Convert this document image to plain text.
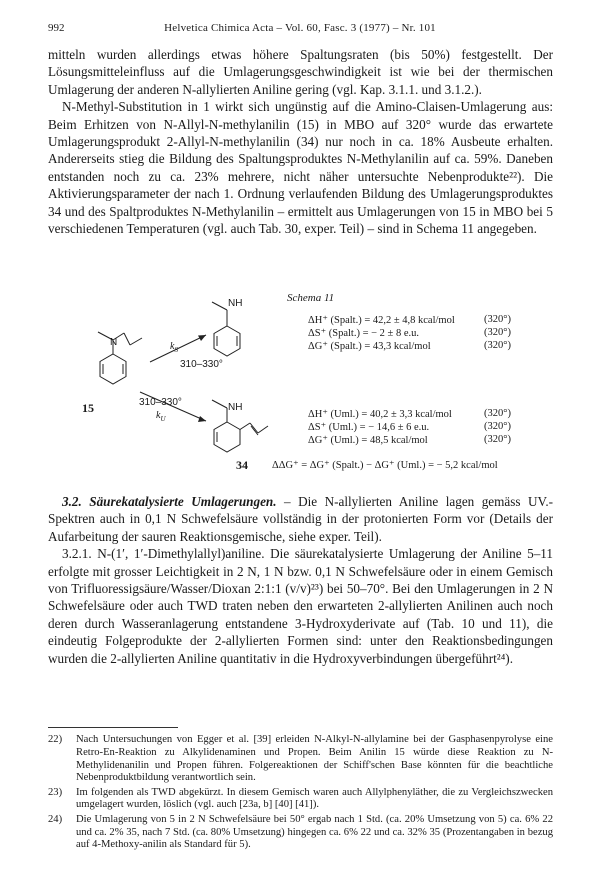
992	Helvetica Chimica Acta – Vol. 60, Fasc. 3 (1977) – Nr. 101

mitteln wurden allerdings etwas höhere Spaltungsraten (bis 50%) festgestellt. Der Lösungsmitteleinfluss auf die Umlagerungsgeschwindigkeit ist wie bei der thermischen Umlagerung der anderen N-allylierten Aniline gering (vgl. Kap. 3.1.1. und 3.1.2.).

N-Methyl-Substitution in 1 wirkt sich ungünstig auf die Amino-Claisen-Umlagerung aus: Beim Erhitzen von N-Allyl-N-methylanilin (15) in MBO auf 320° wurde das erwartete Umlagerungsprodukt 2-Allyl-N-methylanilin (34) nur noch in ca. 18% Ausbeute erhalten. Andererseits stieg die Bildung des Spaltungsproduktes N-Methylanilin auf ca. 59%. Daneben entstanden noch zu ca. 23% mehrere, nicht näher untersuchte Nebenprodukte²²). Die Aktivierungsparameter der nach 1. Ordnung verlaufenden Bildung des Umlagerungsproduktes 34 und des Spaltproduktes N-Methylanilin – ermittelt aus Umlagerungen von 15 in MBO bei 5 verschiedenen Temperaturen (vgl. auch Tab. 30, exper. Teil) – sind in Schema 11 angegeben.

Schema 11
NH
N
NH
$k_S$
310–330°
310–330°
$k_U$
15
34
ΔH⁺ (Spalt.) = 42,2 ± 4,8 kcal/mol	(320°)
ΔS⁺ (Spalt.) = − 2 ± 8 e.u.	(320°)
ΔG⁺ (Spalt.) = 43,3 kcal/mol	(320°)
ΔH⁺ (Uml.) = 40,2 ± 3,3 kcal/mol	(320°)
ΔS⁺ (Uml.) = − 14,6 ± 6 e.u.	(320°)
ΔG⁺ (Uml.) = 48,5 kcal/mol	(320°)
ΔΔG⁺ = ΔG⁺ (Spalt.) − ΔG⁺ (Uml.) = − 5,2 kcal/mol

3.2. Säurekatalysierte Umlagerungen. – Die N-allylierten Aniline lagen gemäss UV.-Spektren auch in 0,1 N Schwefelsäure vollständig in der protonierten Form vor (Details der Aufarbeitung der sauren Reaktionsgemische, siehe exper. Teil).

3.2.1. N-(1′, 1′-Dimethylallyl)aniline. Die säurekatalysierte Umlagerung der Aniline 5–11 erfolgte mit grosser Leichtigkeit in 2 N, 1 N bzw. 0,1 N Schwefelsäure oder in einem Gemisch von Trifluoressigsäure/Wasser/Dioxan 2:1:1 (v/v)²³) bei 50–70°. Bei den Umlagerungen in 2 N Schwefelsäure oder auch TWD traten neben den erwarteten 2-allylierten Anilinen auch noch deren durch Wasseranlagerung entstandene 3-Hydroxyderivate auf (Tab. 10 und 11), die eindeutig Folgeprodukte der 2-allylierten Formen sind: unter den Reaktionsbedingungen wurden die 2-allylierten Aniline quantitativ in die Hydroxyverbindungen übergeführt²⁴).

22) Nach Untersuchungen von Egger et al. [39] erleiden N-Alkyl-N-allylamine bei der Gasphasenpyrolyse eine Retro-En-Reaktion zu Alkylidenaminen und Propen. Beim Anilin 15 würde diese Reaktion zu N-Methylidenanilin und Propen führen. Folgereaktionen der Schiff'schen Base könnten für die beachtliche Nebenproduktbildung verantwortlich sein.
23) Im folgenden als TWD abgekürzt. In diesem Gemisch waren auch Allylphenyläther, die zu Vergleichszwecken umgelagert wurden, löslich (vgl. auch [23a, b] [40] [41]).
24) Die Umlagerung von 5 in 2 N Schwefelsäure bei 50° ergab nach 1 Std. (ca. 20% Umsetzung von 5) ca. 6% 22 und ca. 2% 35, nach 7 Std. (ca. 80% Umsetzung) hingegen ca. 6% 22 und ca. 32% 35 (Prozentangaben in bezug auf 4-Methoxy-anilin als Standard für 5).
